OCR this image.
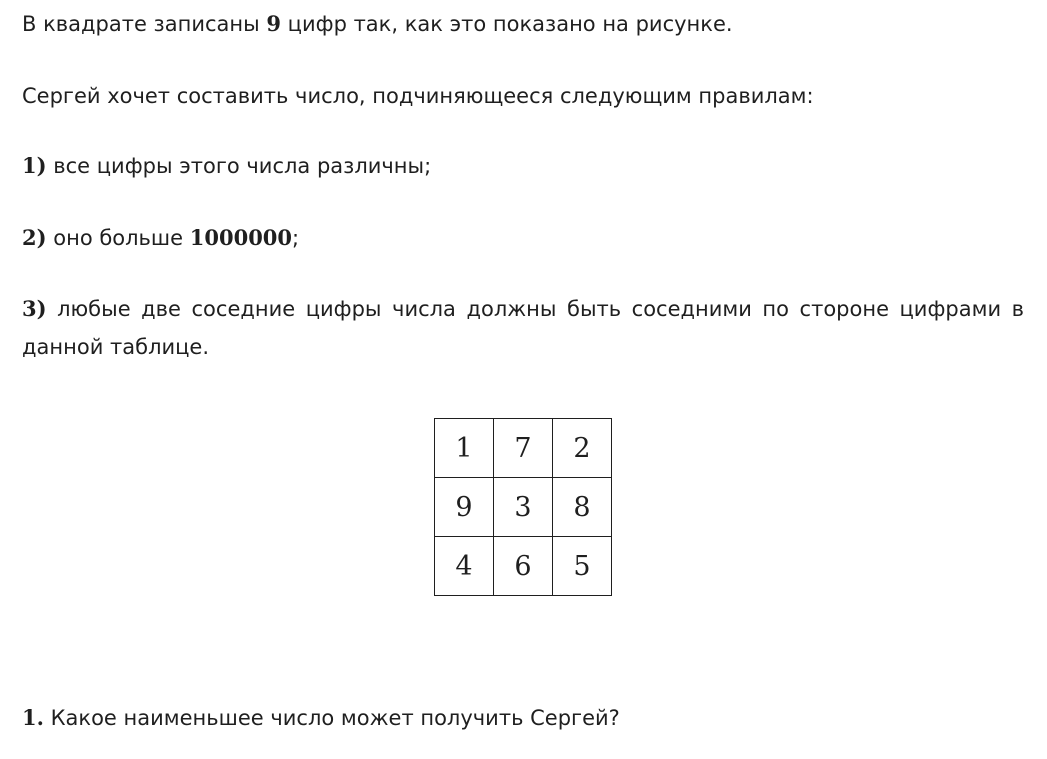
В квадрате записаны 9 цифр так, как это показано на рисунке.

Сергей хочет составить число, подчиняющееся следующим правилам:

1) все цифры этого числа различны;

2) оно больше 1000000;

3) любые две соседние цифры числа должны быть соседними по стороне цифрами в данной таблице.

1	7	2
9	3	8
4	6	5

1. Какое наименьшее число может получить Сергей?
